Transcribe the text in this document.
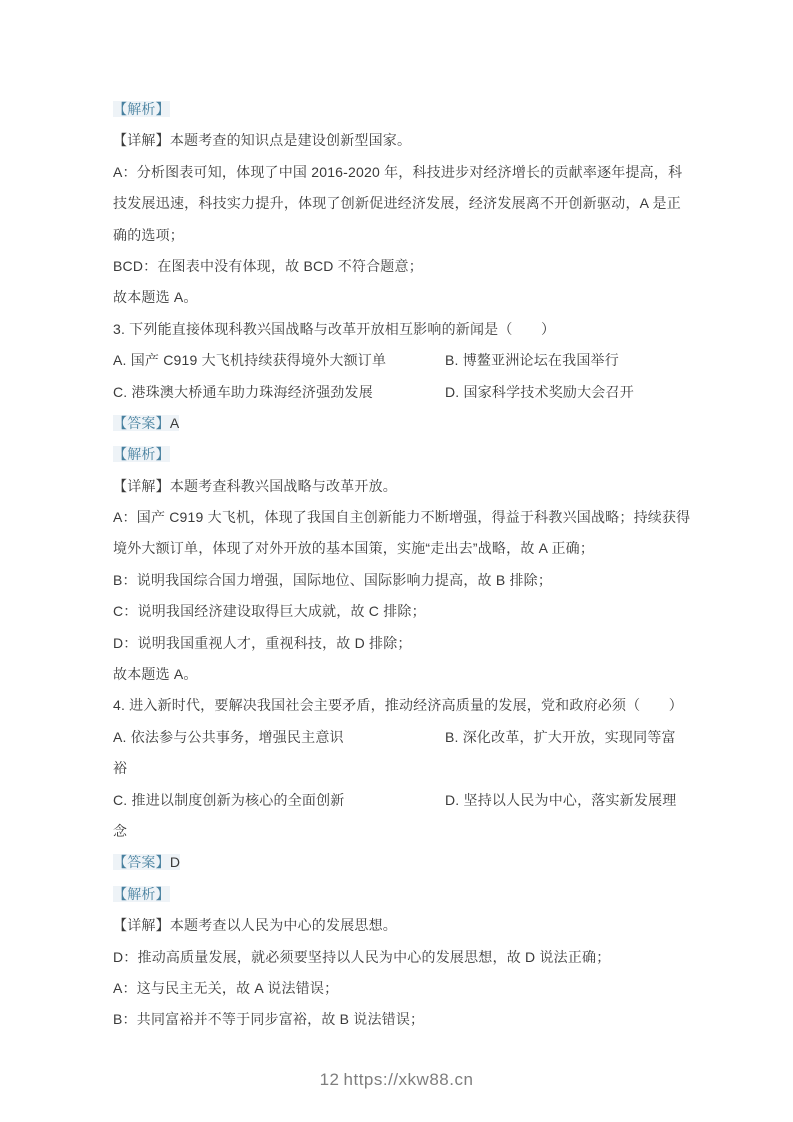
【解析】
【详解】本题考查的知识点是建设创新型国家。
A：分析图表可知，体现了中国 2016-2020 年，科技进步对经济增长的贡献率逐年提高，科
技发展迅速，科技实力提升，体现了创新促进经济发展，经济发展离不开创新驱动，A 是正
确的选项；
BCD：在图表中没有体现，故 BCD 不符合题意；
故本题选 A。
3. 下列能直接体现科教兴国战略与改革开放相互影响的新闻是（　　）
A. 国产 C919 大飞机持续获得境外大额订单	B. 博鳌亚洲论坛在我国举行
C. 港珠澳大桥通车助力珠海经济强劲发展	D. 国家科学技术奖励大会召开
【答案】A
【解析】
【详解】本题考查科教兴国战略与改革开放。
A：国产 C919 大飞机，体现了我国自主创新能力不断增强，得益于科教兴国战略；持续获得
境外大额订单，体现了对外开放的基本国策，实施“走出去”战略，故 A 正确；
B：说明我国综合国力增强，国际地位、国际影响力提高，故 B 排除；
C：说明我国经济建设取得巨大成就，故 C 排除；
D：说明我国重视人才，重视科技，故 D 排除；
故本题选 A。
4. 进入新时代，要解决我国社会主要矛盾，推动经济高质量的发展，党和政府必须（　　）
A. 依法参与公共事务，增强民主意识	B. 深化改革，扩大开放，实现同等富
裕
C. 推进以制度创新为核心的全面创新	D. 坚持以人民为中心，落实新发展理
念
【答案】D
【解析】
【详解】本题考查以人民为中心的发展思想。
D：推动高质量发展，就必须要坚持以人民为中心的发展思想，故 D 说法正确；
A：这与民主无关，故 A 说法错误；
B：共同富裕并不等于同步富裕，故 B 说法错误；
12 https://xkw88.cn
